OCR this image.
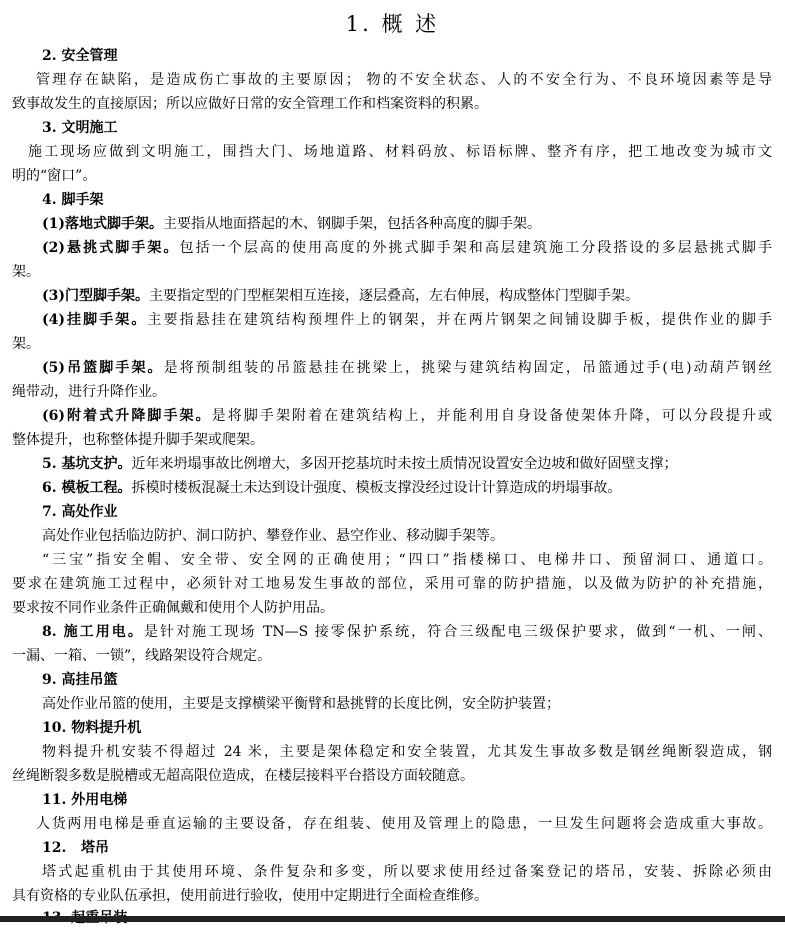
1. 概 述
2. 安全管理
管理存在缺陷，是造成伤亡事故的主要原因； 物的不安全状态、人的不安全行为、不良环境因素等是导
致事故发生的直接原因；所以应做好日常的安全管理工作和档案资料的积累。
3. 文明施工
施工现场应做到文明施工，围挡大门、场地道路、材料码放、标语标牌、整齐有序，把工地改变为城市文
明的“窗口”。
4. 脚手架
(1)落地式脚手架。主要指从地面搭起的木、钢脚手架，包括各种高度的脚手架。
(2)悬挑式脚手架。包括一个层高的使用高度的外挑式脚手架和高层建筑施工分段搭设的多层悬挑式脚手
架。
(3)门型脚手架。主要指定型的门型框架相互连接，逐层叠高，左右伸展，构成整体门型脚手架。
(4)挂脚手架。主要指悬挂在建筑结构预埋件上的钢架，并在两片钢架之间铺设脚手板，提供作业的脚手
架。
(5)吊篮脚手架。是将预制组装的吊篮悬挂在挑梁上，挑梁与建筑结构固定，吊篮通过手(电)动葫芦钢丝
绳带动，进行升降作业。
(6)附着式升降脚手架。是将脚手架附着在建筑结构上，并能利用自身设备使架体升降，可以分段提升或
整体提升，也称整体提升脚手架或爬架。
5. 基坑支护。近年来坍塌事故比例增大，多因开挖基坑时未按土质情况设置安全边坡和做好固壁支撑；
6. 模板工程。拆模时楼板混凝土未达到设计强度、模板支撑没经过设计计算造成的坍塌事故。
7. 高处作业
高处作业包括临边防护、洞口防护、攀登作业、悬空作业、移动脚手架等。
“三宝”指安全帽、安全带、安全网的正确使用；“四口”指楼梯口、电梯井口、预留洞口、通道口。
要求在建筑施工过程中，必须针对工地易发生事故的部位，采用可靠的防护措施，以及做为防护的补充措施，
要求按不同作业条件正确佩戴和使用个人防护用品。
8. 施工用电。是针对施工现场 TN—S 接零保护系统，符合三级配电三级保护要求，做到“一机、一闸、
一漏、一箱、一锁”，线路架设符合规定。
9. 高挂吊篮
高处作业吊篮的使用，主要是支撑横梁平衡臂和悬挑臂的长度比例，安全防护装置；
10. 物料提升机
物料提升机安装不得超过 24 米，主要是架体稳定和安全装置，尤其发生事故多数是钢丝绳断裂造成，钢
丝绳断裂多数是脱槽或无超高限位造成，在楼层接料平台搭设方面较随意。
11. 外用电梯
人货两用电梯是垂直运输的主要设备，存在组装、使用及管理上的隐患，一旦发生问题将会造成重大事故。
12.   塔吊
塔式起重机由于其使用环境、条件复杂和多变，所以要求使用经过备案登记的塔吊，安装、拆除必须由
具有资格的专业队伍承担，使用前进行验收，使用中定期进行全面检查维修。
